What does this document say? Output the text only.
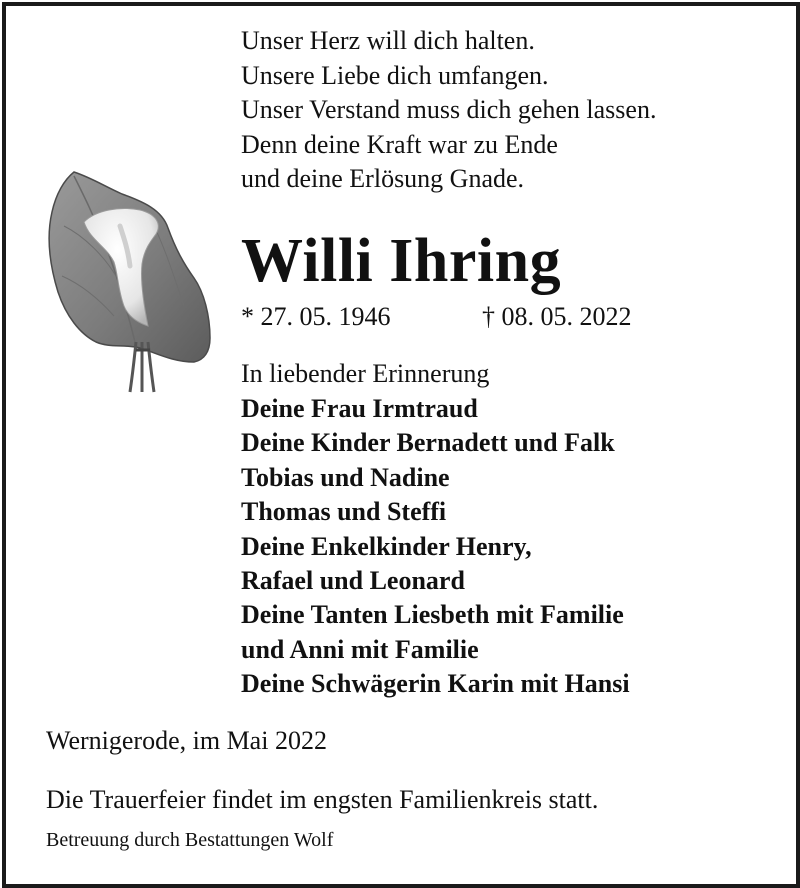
Unser Herz will dich halten.
Unsere Liebe dich umfangen.
Unser Verstand muss dich gehen lassen.
Denn deine Kraft war zu Ende
und deine Erlösung Gnade.
Willi Ihring
* 27. 05. 1946	† 08. 05. 2022
In liebender Erinnerung
Deine Frau Irmtraud
Deine Kinder Bernadett und Falk
Tobias und Nadine
Thomas und Steffi
Deine Enkelkinder Henry,
Rafael und Leonard
Deine Tanten Liesbeth mit Familie
und Anni mit Familie
Deine Schwägerin Karin mit Hansi
Wernigerode, im Mai 2022
Die Trauerfeier findet im engsten Familienkreis statt.
Betreuung durch Bestattungen Wolf
